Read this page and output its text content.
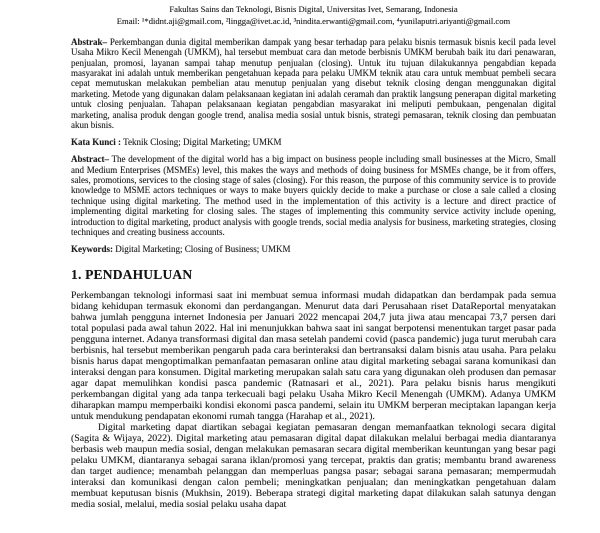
Fakultas Sains dan Teknologi, Bisnis Digital, Universitas Ivet, Semarang, Indonesia

Email: ¹*didnt.aji@gmail.com, ²lingga@ivet.ac.id, ³nindita.erwanti@gmail.com, ⁴yunilaputri.ariyanti@gmail.com

Abstrak– Perkembangan dunia digital memberikan dampak yang besar terhadap para pelaku bisnis termasuk bisnis kecil pada level Usaha Mikro Kecil Menengah (UMKM), hal tersebut membuat cara dan metode berbisnis UMKM berubah baik itu dari penawaran, penjualan, promosi, layanan sampai tahap menutup penjualan (closing). Untuk itu tujuan dilakukannya pengabdian kepada masyarakat ini adalah untuk memberikan pengetahuan kepada para pelaku UMKM teknik atau cara untuk membuat pembeli secara cepat memutuskan melakukan pembelian atau menutup penjualan yang disebut teknik closing dengan menggunakan digital marketing. Metode yang digunakan dalam pelaksanaan kegiatan ini adalah ceramah dan praktik langsung penerapan digital marketing untuk closing penjualan. Tahapan pelaksanaan kegiatan pengabdian masyarakat ini meliputi pembukaan, pengenalan digital marketing, analisa produk dengan google trend, analisa media sosial untuk bisnis, strategi pemasaran, teknik closing dan pembuatan akun bisnis.

Kata Kunci : Teknik Closing; Digital Marketing; UMKM

Abstract– The development of the digital world has a big impact on business people including small businesses at the Micro, Small and Medium Enterprises (MSMEs) level, this makes the ways and methods of doing business for MSMEs change, be it from offers, sales, promotions, services to the closing stage of sales (closing). For this reason, the purpose of this community service is to provide knowledge to MSME actors techniques or ways to make buyers quickly decide to make a purchase or close a sale called a closing technique using digital marketing. The method used in the implementation of this activity is a lecture and direct practice of implementing digital marketing for closing sales. The stages of implementing this community service activity include opening, introduction to digital marketing, product analysis with google trends, social media analysis for business, marketing strategies, closing techniques and creating business accounts.

Keywords: Digital Marketing; Closing of Business; UMKM
1. PENDAHULUAN

Perkembangan teknologi informasi saat ini membuat semua informasi mudah didapatkan dan berdampak pada semua bidang kehidupan termasuk ekonomi dan perdangangan. Menurut data dari Perusahaan riset DataReportal menyatakan bahwa jumlah pengguna internet Indonesia per Januari 2022 mencapai 204,7 juta jiwa atau mencapai 73,7 persen dari total populasi pada awal tahun 2022. Hal ini menunjukkan bahwa saat ini sangat berpotensi menentukan target pasar pada pengguna internet. Adanya transformasi digital dan masa setelah pandemi covid (pasca pandemic) juga turut merubah cara berbisnis, hal tersebut memberikan pengaruh pada cara berinteraksi dan bertransaksi dalam bisnis atau usaha. Para pelaku bisnis harus dapat mengoptimalkan pemanfaatan pemasaran online atau digital marketing sebagai sarana komunikasi dan interaksi dengan para konsumen. Digital marketing merupakan salah satu cara yang digunakan oleh produsen dan pemasar agar dapat memulihkan kondisi pasca pandemic (Ratnasari et al., 2021). Para pelaku bisnis harus mengikuti perkembangan digital yang ada tanpa terkecuali bagi pelaku Usaha Mikro Kecil Menengah (UMKM). Adanya UMKM diharapkan mampu memperbaiki kondisi ekonomi pasca pandemi, selain itu UMKM berperan meciptakan lapangan kerja untuk mendukung pendapatan ekonomi rumah tangga (Harahap et al., 2021).

Digital marketing dapat diartikan sebagai kegiatan pemasaran dengan memanfaatkan teknologi secara digital (Sagita & Wijaya, 2022). Digital marketing atau pemasaran digital dapat dilakukan melalui berbagai media diantaranya berbasis web maupun media sosial, dengan melakukan pemasaran secara digital memberikan keuntungan yang besar pagi pelaku UMKM, diantaranya sebagai sarana iklan/promosi yang tercepat, praktis dan gratis; membantu brand awareness dan target audience; menambah pelanggan dan memperluas pangsa pasar; sebagai sarana pemasaran; mempermudah interaksi dan komunikasi dengan calon pembeli; meningkatkan penjualan; dan meningkatkan pengetahuan dalam membuat keputusan bisnis (Mukhsin, 2019). Beberapa strategi digital marketing dapat dilakukan salah satunya dengan media sosial, melalui, media sosial pelaku usaha dapat
